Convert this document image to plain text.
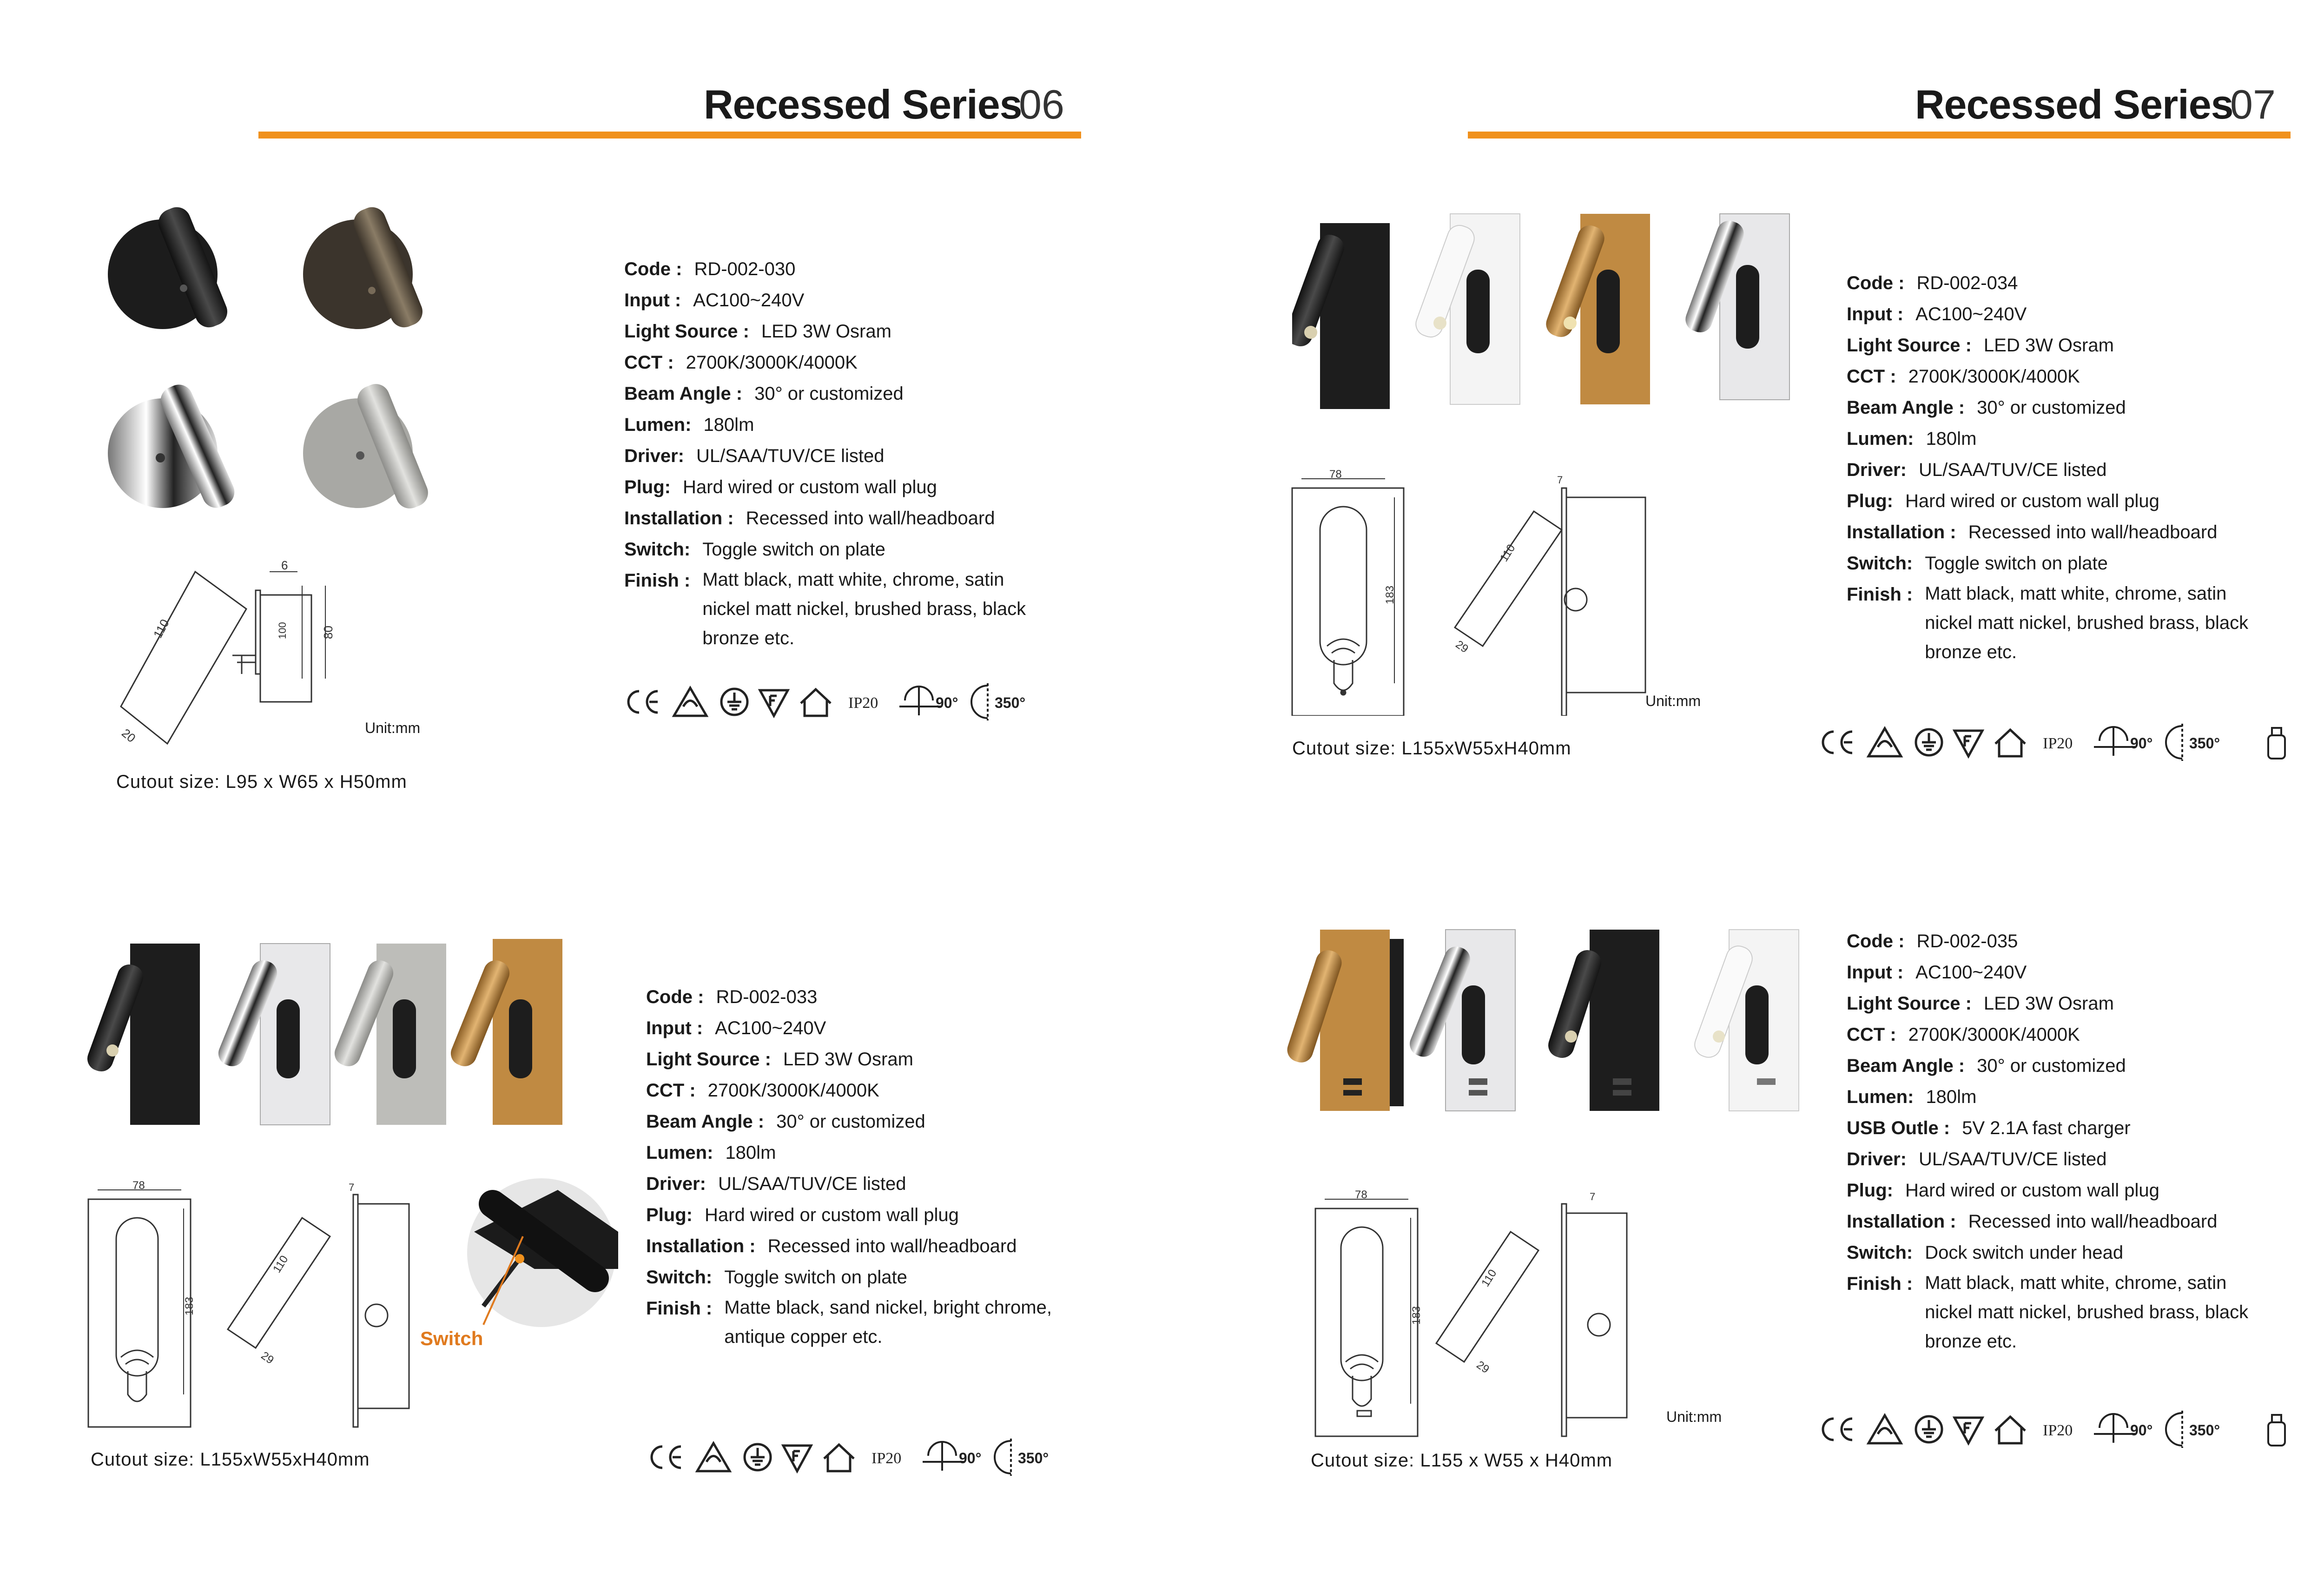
Recessed Series
06	Recessed Series
07
110
6
100	80
20	Unit:mm
Cutout size: L95 x W65 x H50mm
Code : RD-002-030
Input : AC100~240V
Light Source : LED 3W Osram
CCT : 2700K/3000K/4000K
Beam Angle : 30° or customized
Lumen: 180lm
Driver: UL/SAA/TUV/CE listed
Plug: Hard wired or custom wall plug
Installation : Recessed into wall/headboard
Switch: Toggle switch on plate
Finish : Matt black, matt white, chrome, satin nickel matt nickel, brushed brass, black bronze etc.
78
183
110
7
29
Unit:mm
Cutout size: L155xW55xH40mm
Code : RD-002-034
Input : AC100~240V
Light Source : LED 3W Osram
CCT : 2700K/3000K/4000K
Beam Angle : 30° or customized
Lumen: 180lm
Driver: UL/SAA/TUV/CE listed
Plug: Hard wired or custom wall plug
Installation : Recessed into wall/headboard
Switch: Toggle switch on plate
Finish : Matt black, matt white, chrome, satin nickel matt nickel, brushed brass, black bronze etc.
78
183
110
7
29
Switch
Cutout size: L155xW55xH40mm
Code : RD-002-033
Input : AC100~240V
Light Source : LED 3W Osram
CCT : 2700K/3000K/4000K
Beam Angle : 30° or customized
Lumen: 180lm
Driver: UL/SAA/TUV/CE listed
Plug: Hard wired or custom wall plug
Installation : Recessed into wall/headboard
Switch: Toggle switch on plate
Finish : Matte black, sand nickel, bright chrome, antique copper etc.
78
183
110
7
29
Unit:mm
Cutout size: L155 x W55 x H40mm
Code : RD-002-035
Input : AC100~240V
Light Source : LED 3W Osram
CCT : 2700K/3000K/4000K
Beam Angle : 30° or customized
Lumen: 180lm
USB Outle : 5V 2.1A fast charger
Driver: UL/SAA/TUV/CE listed
Plug: Hard wired or custom wall plug
Installation : Recessed into wall/headboard
Switch: Dock switch under head
Finish : Matt black, matt white, chrome, satin nickel matt nickel, brushed brass, black bronze etc.
IP20	90° 350°
IP20	90° 350°
IP20	90° 350°
IP20	90° 350°
